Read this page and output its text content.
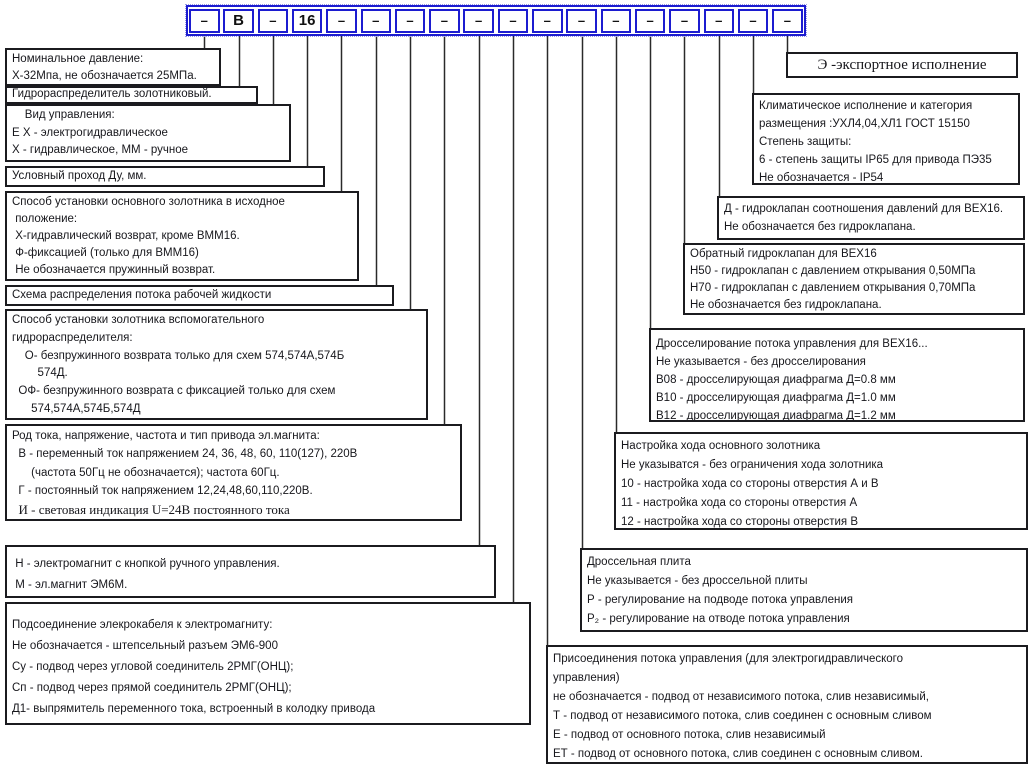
–	В	–	16	–	–	–	–	–	–	–	–	–	–	–	–	–	–
Номинальное давление:
Х-32Мпа, не обозначается 25МПа.
Гидрораспределитель золотниковый.
Вид управления:
Е Х - электрогидравлическое
Х - гидравлическое, ММ - ручное
Условный проход Ду, мм.
Способ установки основного золотника в исходное
положение:
Х-гидравлический возврат, кроме ВММ16.
Ф-фиксацией (только для ВММ16)
Не обозначается пружинный возврат.
Схема распределения потока рабочей жидкости
Способ установки золотника вспомогательного
гидрораспределителя:
О- безпружинного возврата только для схем 574,574А,574Б
574Д.
ОФ- безпружинного возврата с фиксацией только для схем
574,574А,574Б,574Д
Род тока, напряжение, частота и тип привода эл.магнита:
В - переменный ток напряжением 24, 36, 48, 60, 110(127), 220В
(частота 50Гц не обозначается); частота 60Гц.
Г - постоянный ток напряжением 12,24,48,60,110,220В.
И - световая индикация U=24В постоянного тока
Н - электромагнит с кнопкой ручного управления.
М - эл.магнит ЭМ6М.
Подсоединение элекрокабеля к электромагниту:
Не обозначается - штепсельный разъем ЭМ6-900
Су - подвод через угловой соединитель 2РМГ(ОНЦ);
Сп - подвод через прямой соединитель 2РМГ(ОНЦ);
Д1- выпрямитель переменного тока, встроенный в колодку привода
Присоединения потока управления (для электрогидравлического
управления)
не обозначается - подвод от независимого потока, слив независимый,
Т - подвод от независимого потока, слив соединен с основным сливом
Е - подвод от основного потока, слив независимый
ЕТ - подвод от основного потока, слив соединен с основным сливом.
Дроссельная плита
Не указывается - без дроссельной плиты
Р - регулирование на подводе потока управления
Р₂ - регулирование на отводе потока управления
Настройка хода основного золотника
Не указыватся - без ограничения хода золотника
10 - настройка хода со стороны отверстия А и В
11 - настройка хода со стороны отверстия А
12 - настройка хода со стороны отверстия В
Дросселирование потока управления для ВЕХ16...
Не указывается - без дросселирования
В08 - дросселирующая диафрагма Д=0.8 мм
В10 - дросселирующая диафрагма Д=1.0 мм
В12 - дросселирующая диафрагма Д=1.2 мм
Обратный гидроклапан для ВЕХ16
Н50 - гидроклапан с давлением открывания 0,50МПа
Н70 - гидроклапан с давлением открывания 0,70МПа
Не обозначается без гидроклапана.
Д - гидроклапан соотношения давлений для ВЕХ16.
Не обозначается без гидроклапана.
Климатическое исполнение и категория
размещения :УХЛ4,04,ХЛ1 ГОСТ 15150
Степень защиты:
6 - степень защиты IP65 для привода ПЭ35
Не обозначается - IP54
Э -экспортное исполнение
